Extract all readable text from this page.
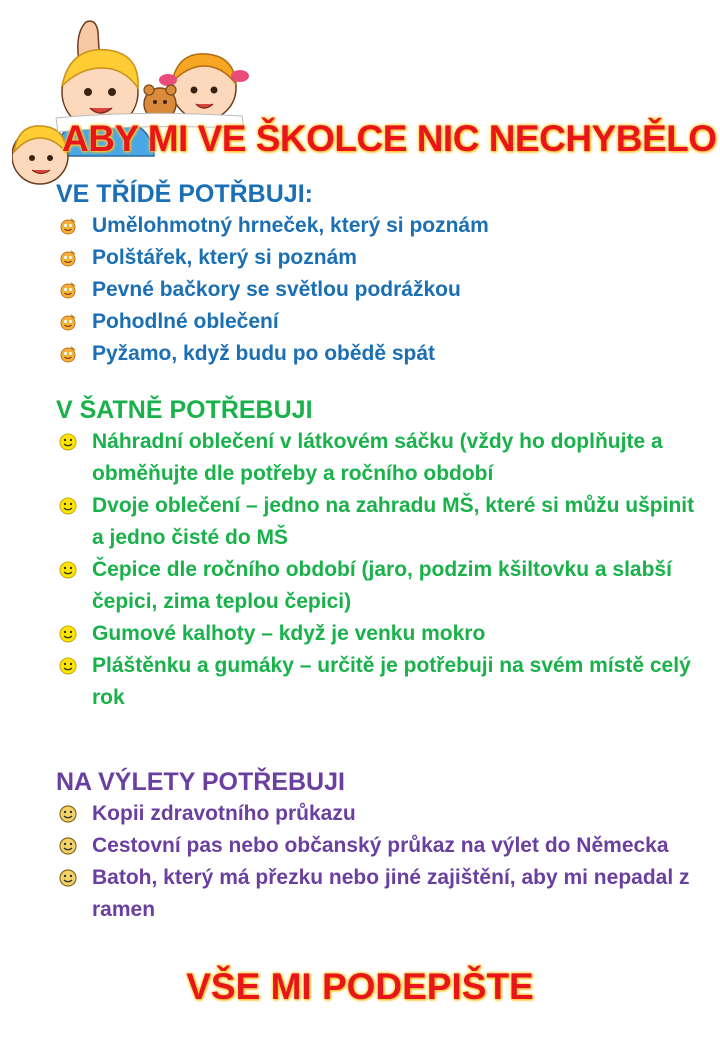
ABY MI VE ŠKOLCE NIC NECHYBĚLO
VE TŘÍDĚ POTŘBUJI:
Umělohmotný hrneček, který si poznám
Polštářek, který si poznám
Pevné bačkory se světlou podrážkou
Pohodlné oblečení
Pyžamo, když budu po obědě spát
V ŠATNĚ POTŘEBUJI
Náhradní oblečení v látkovém sáčku (vždy ho doplňujte a obměňujte dle potřeby a ročního období
Dvoje oblečení – jedno na zahradu MŠ, které si můžu ušpinit a jedno čisté do MŠ
Čepice dle ročního období (jaro, podzim kšiltovku a slabší čepici, zima teplou čepici)
Gumové kalhoty – když je venku mokro
Pláštěnku a gumáky – určitě je potřebuji na svém místě celý rok
NA VÝLETY POTŘEBUJI
Kopii zdravotního průkazu
Cestovní pas nebo občanský průkaz na výlet do Německa
Batoh, který má přezku nebo jiné zajištění, aby mi nepadal z ramen
VŠE MI PODEPIŠTE
